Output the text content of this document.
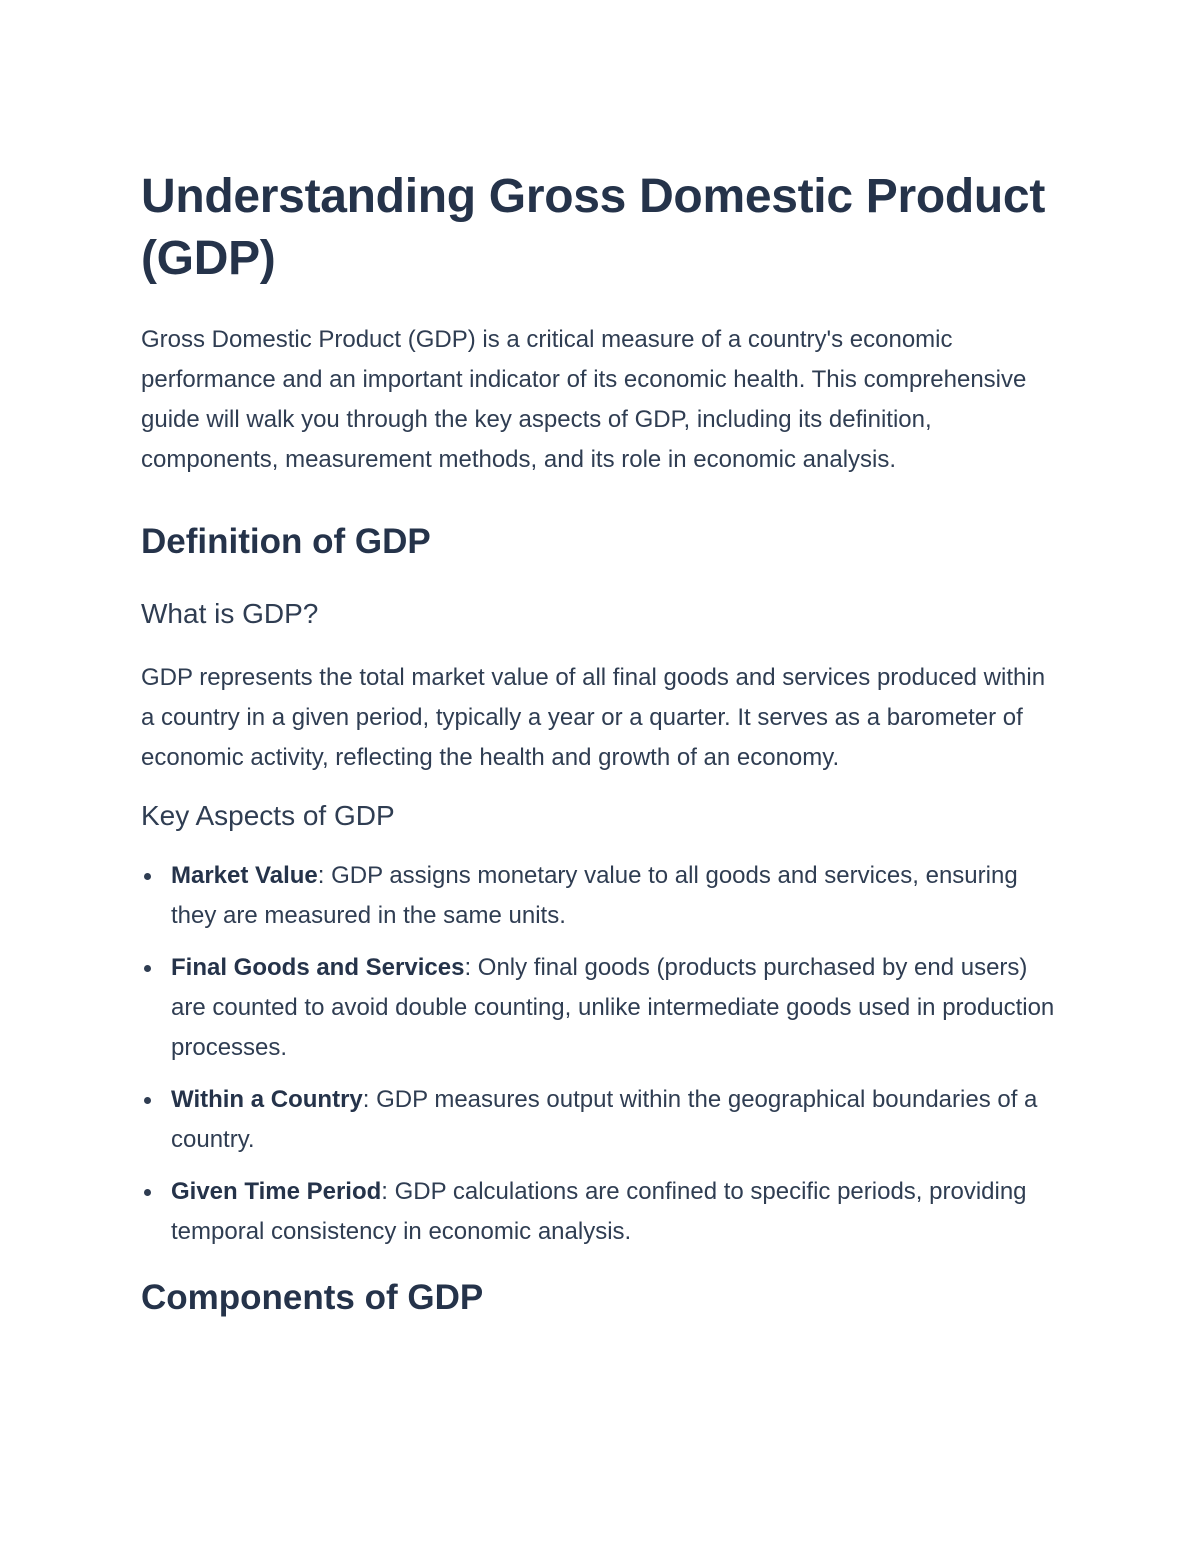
Understanding Gross Domestic Product (GDP)

Gross Domestic Product (GDP) is a critical measure of a country's economic performance and an important indicator of its economic health. This comprehensive guide will walk you through the key aspects of GDP, including its definition, components, measurement methods, and its role in economic analysis.

Definition of GDP
What is GDP?

GDP represents the total market value of all final goods and services produced within a country in a given period, typically a year or a quarter. It serves as a barometer of economic activity, reflecting the health and growth of an economy.

Key Aspects of GDP
Market Value: GDP assigns monetary value to all goods and services, ensuring they are measured in the same units.
Final Goods and Services: Only final goods (products purchased by end users) are counted to avoid double counting, unlike intermediate goods used in production processes.
Within a Country: GDP measures output within the geographical boundaries of a country.
Given Time Period: GDP calculations are confined to specific periods, providing temporal consistency in economic analysis.
Components of GDP
